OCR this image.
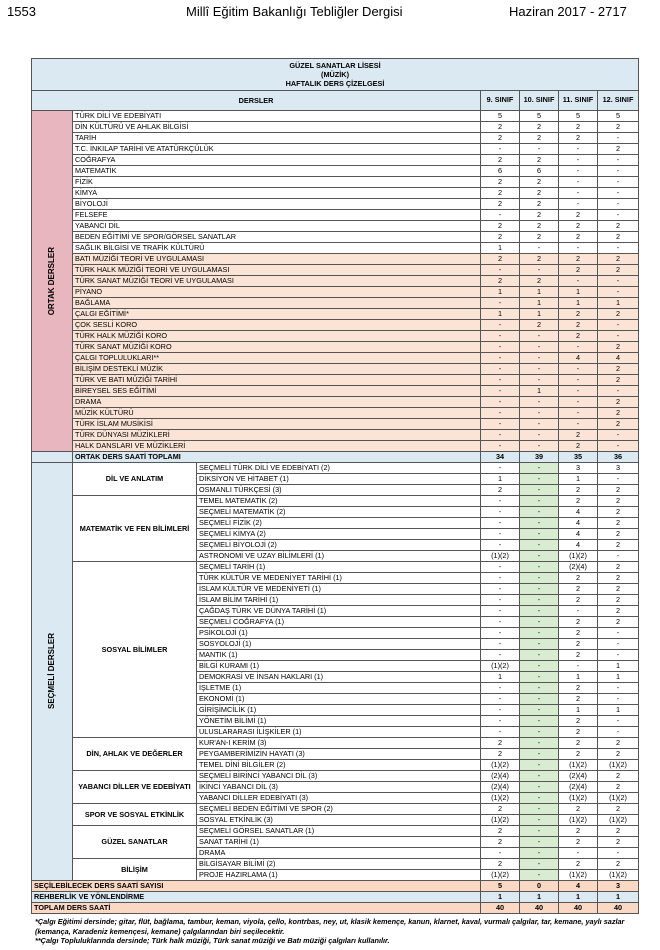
1553	Millî Eğitim Bakanlığı Tebliğler Dergisi	Haziran 2017 - 2717
GÜZEL SANATLAR LİSESİ
(MÜZİK)
HAFTALIK DERS ÇİZELGESİ						

DERSLER			9. SINIF	10. SINIF	11. SINIF	12. SINIF

ORTAK DERSLER	TÜRK DİLİ VE EDEBİYATI		5	5	5	5
	DİN KÜLTÜRÜ VE AHLAK BİLGİSİ		2	2	2	2
	TARİH		2	2	2	-
	T.C. İNKILAP TARİHİ VE ATATÜRKÇÜLÜK		-	-	-	2
	COĞRAFYA		2	2	-	-
	MATEMATİK		6	6	-	-
	FİZİK		2	2	-	-
	KİMYA		2	2	-	-
	BİYOLOJİ		2	2	-	-
	FELSEFE		-	2	2	-
	YABANCI DİL		2	2	2	2
	BEDEN EĞİTİMİ VE SPOR/GÖRSEL SANATLAR		2	2	2	2
	SAĞLIK BİLGİSİ VE TRAFİK KÜLTÜRÜ		1	-	-	-
	BATI MÜZİĞİ TEORİ VE UYGULAMASI		2	2	2	2
	TÜRK HALK MÜZİĞİ TEORİ VE UYGULAMASI		-	-	2	2
	TÜRK SANAT MÜZİĞİ TEORİ VE UYGULAMASI		2	2	-	-
	PİYANO		1	1	1	-
	BAĞLAMA		-	1	1	1
	ÇALGI EĞİTİMİ*		1	1	2	2
	ÇOK SESLİ KORO		-	2	2	-
	TÜRK HALK MÜZİĞİ KORO		-	-	2	-
	TÜRK SANAT MÜZİĞİ KORO		-	-	-	2
	ÇALGI TOPLULUKLARI**		-	-	4	4
	BİLİŞİM DESTEKLİ MÜZİK		-	-	-	2
	TÜRK VE BATI MÜZİĞİ TARİHİ		-	-	-	2
	BİREYSEL SES EĞİTİMİ		-	1	-	-
	DRAMA		-	-	-	2
	MÜZİK KÜLTÜRÜ		-	-	-	2
	TÜRK İSLAM MUSİKİSİ		-	-	-	2
	TÜRK DÜNYASI MÜZİKLERİ		-	-	2	-
	HALK DANSLARI VE MÜZİKLERİ		-	-	2	-
	ORTAK DERS SAATİ TOPLAMI		34	39	35	36

SEÇMELİ DERSLER	DİL VE ANLATIM	SEÇMELİ TÜRK DİLİ VE EDEBİYATI (2)	-	-	3	3
		DİKSİYON VE HİTABET (1)	1	-	1	-
		OSMANLI TÜRKÇESİ (3)	2	-	2	2
	MATEMATİK VE FEN BİLİMLERİ	TEMEL MATEMATİK (2)	-	-	2	2
		SEÇMELİ MATEMATİK (2)	-	-	4	2
		SEÇMELİ FİZİK (2)	-	-	4	2
		SEÇMELİ KİMYA (2)	-	-	4	2
		SEÇMELİ BİYOLOJİ (2)	-	-	4	2
		ASTRONOMİ VE UZAY BİLİMLERİ (1)	(1)(2)	-	(1)(2)	-
	SOSYAL BİLİMLER	SEÇMELİ TARİH (1)	-	-	(2)(4)	2
		TÜRK KÜLTÜR VE MEDENİYET TARİHİ (1)	-	-	2	2
		İSLAM KÜLTÜR VE MEDENİYETİ (1)	-	-	2	2
		İSLAM BİLİM TARİHİ (1)	-	-	2	2
		ÇAĞDAŞ TÜRK VE DÜNYA TARİHİ (1)	-	-	-	2
		SEÇMELİ COĞRAFYA (1)	-	-	2	2
		PSİKOLOJİ (1)	-	-	2	-
		SOSYOLOJİ (1)	-	-	2	-
		MANTIK (1)	-	-	2	-
		BİLGİ KURAMI (1)	(1)(2)	-	-	1
		DEMOKRASİ VE İNSAN HAKLARI (1)	1	-	1	1
		İŞLETME (1)	-	-	2	-
		EKONOMİ (1)	-	-	2	-
		GİRİŞİMCİLİK (1)	-	-	1	1
		YÖNETİM BİLİMİ (1)	-	-	2	-
		ULUSLARARASI İLİŞKİLER (1)	-	-	2	-
	DİN, AHLAK VE DEĞERLER	KUR'AN-I KERİM (3)	2	-	2	2
		PEYGAMBERİMİZİN HAYATI (3)	2	-	2	2
		TEMEL DİNİ BİLGİLER (2)	(1)(2)	-	(1)(2)	(1)(2)
	YABANCI DİLLER VE EDEBİYATI	SEÇMELİ BİRİNCİ YABANCI DİL (3)	(2)(4)	-	(2)(4)	2
		İKİNCİ YABANCI DİL (3)	(2)(4)	-	(2)(4)	2
		YABANCI DİLLER EDEBİYATI (3)	(1)(2)	-	(1)(2)	(1)(2)
	SPOR VE SOSYAL ETKİNLİK	SEÇMELİ BEDEN EĞİTİMİ VE SPOR (2)	2	-	2	2
		SOSYAL ETKİNLİK (3)	(1)(2)	-	(1)(2)	(1)(2)
	GÜZEL SANATLAR	SEÇMELİ GÖRSEL SANATLAR (1)	2	-	2	2
		SANAT TARİHİ (1)	2	-	2	2
		DRAMA	-	-	-	-
	BİLİŞİM	BİLGİSAYAR BİLİMİ (2)	2	-	2	2
		PROJE HAZIRLAMA (1)	(1)(2)	-	(1)(2)	(1)(2)
SEÇİLEBİLECEK DERS SAATİ SAYISI			5	0	4	3
REHBERLİK VE YÖNLENDİRME			1	1	1	1
TOPLAM DERS SAATİ			40	40	40	40
*Çalgı Eğitimi dersinde; gitar, flüt, bağlama, tambur, keman, viyola, çello, kontrbas, ney, ut, klasik kemençe, kanun, klarnet, kaval, vurmalı çalgılar, tar, kemane, yaylı sazlar (kemança, Karadeniz kemençesi, kemane) çalgılarından biri seçilecektir.
**Çalgı Topluluklarında dersinde; Türk halk müziği, Türk sanat müziği ve Batı müziği çalgıları kullanılır.
